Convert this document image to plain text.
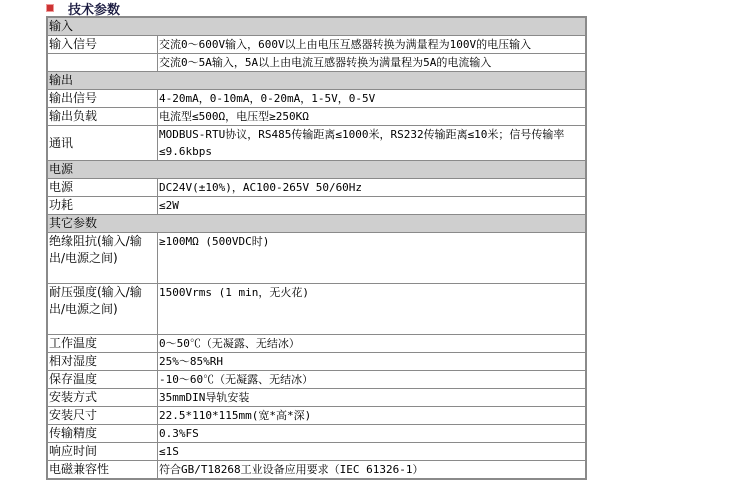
技术参数
输入	
输入信号	交流0～600V输入，600V以上由电压互感器转换为满量程为100V的电压输入
	交流0～5A输入，5A以上由电流互感器转换为满量程为5A的电流输入
输出	
输出信号	4-20mA，0-10mA，0-20mA，1-5V，0-5V
输出负载	电流型≤500Ω，电压型≥250KΩ
通讯	MODBUS-RTU协议，RS485传输距离≤1000米，RS232传输距离≤10米；信号传输率≤9.6kbps
电源	
电源	DC24V(±10%)，AC100-265V 50/60Hz
功耗	≤2W
其它参数	
绝缘阻抗(输入/输出/电源之间)	≥100MΩ (500VDC时)
耐压强度(输入/输出/电源之间)	1500Vrms (1 min，无火花)
工作温度	0～50℃（无凝露、无结冰）
相对湿度	25%～85%RH
保存温度	-10～60℃（无凝露、无结冰）
安装方式	35mmDIN导轨安装
安装尺寸	22.5*110*115mm(宽*高*深)
传输精度	0.3%FS
响应时间	≤1S
电磁兼容性	符合GB/T18268工业设备应用要求（IEC 61326-1）
